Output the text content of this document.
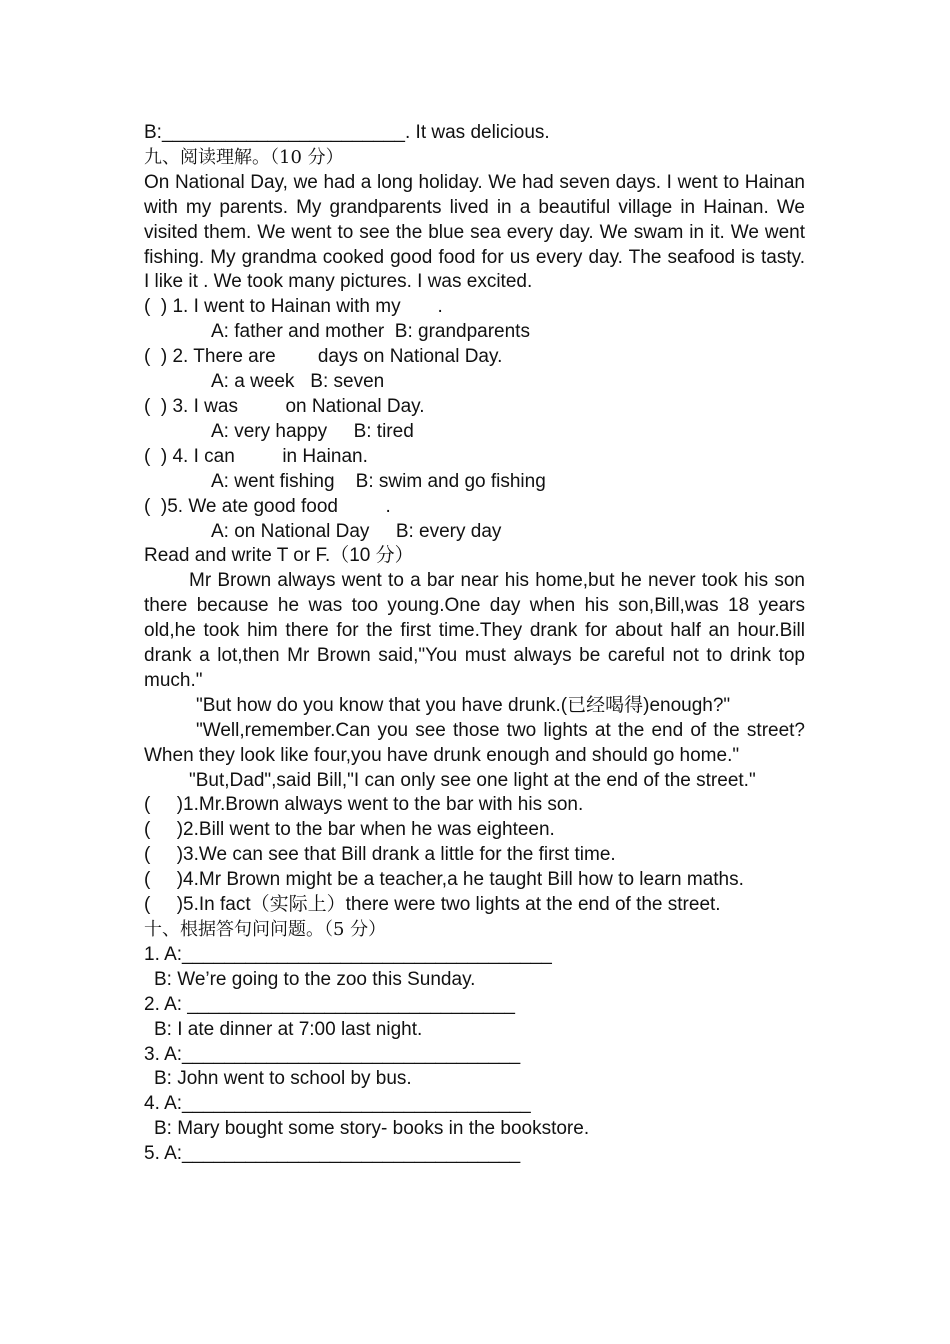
B:_______________________. It was delicious.
九、阅读理解。（10 分）
On National Day, we had a long holiday. We had seven days. I went to Hainan with my parents. My grandparents lived in a beautiful village in Hainan. We visited them. We went to see the blue sea every day. We swam in it. We went fishing. My grandma cooked good food for us every day. The seafood is tasty. I like it . We took many pictures. I was excited.
(  ) 1. I went to Hainan with my       .
A: father and mother  B: grandparents
(  ) 2. There are        days on National Day.
A: a week   B: seven
(  ) 3. I was         on National Day.
A: very happy     B: tired
(  ) 4. I can         in Hainan.
A: went fishing    B: swim and go fishing
(  )5. We ate good food         .
A: on National Day     B: every day
Read and write T or F.（10 分）
Mr Brown always went to a bar near his home,but he never took his son there because he was too young.One day when his son,Bill,was 18 years old,he took him there for the first time.They drank for about half an hour.Bill drank a lot,then Mr Brown said,"You must always be careful not to drink top much."
"But how do you know that you have drunk.(已经喝得)enough?"
"Well,remember.Can you see those two lights at the end of the street?When they look like four,you have drunk enough and should go home."
"But,Dad",said Bill,"I can only see one light at the end of the street."
(     )1.Mr.Brown always went to the bar with his son.
(     )2.Bill went to the bar when he was eighteen.
(     )3.We can see that Bill drank a little for the first time.
(     )4.Mr Brown might be a teacher,a he taught Bill how to learn maths.
(     )5.In fact（实际上）there were two lights at the end of the street.
十、根据答句问问题。（5 分）
1. A:___________________________________
B: We’re going to the zoo this Sunday.
2. A: _______________________________
B: I ate dinner at 7:00 last night.
3. A:________________________________
B: John went to school by bus.
4. A:_________________________________
B: Mary bought some story- books in the bookstore.
5. A:________________________________
